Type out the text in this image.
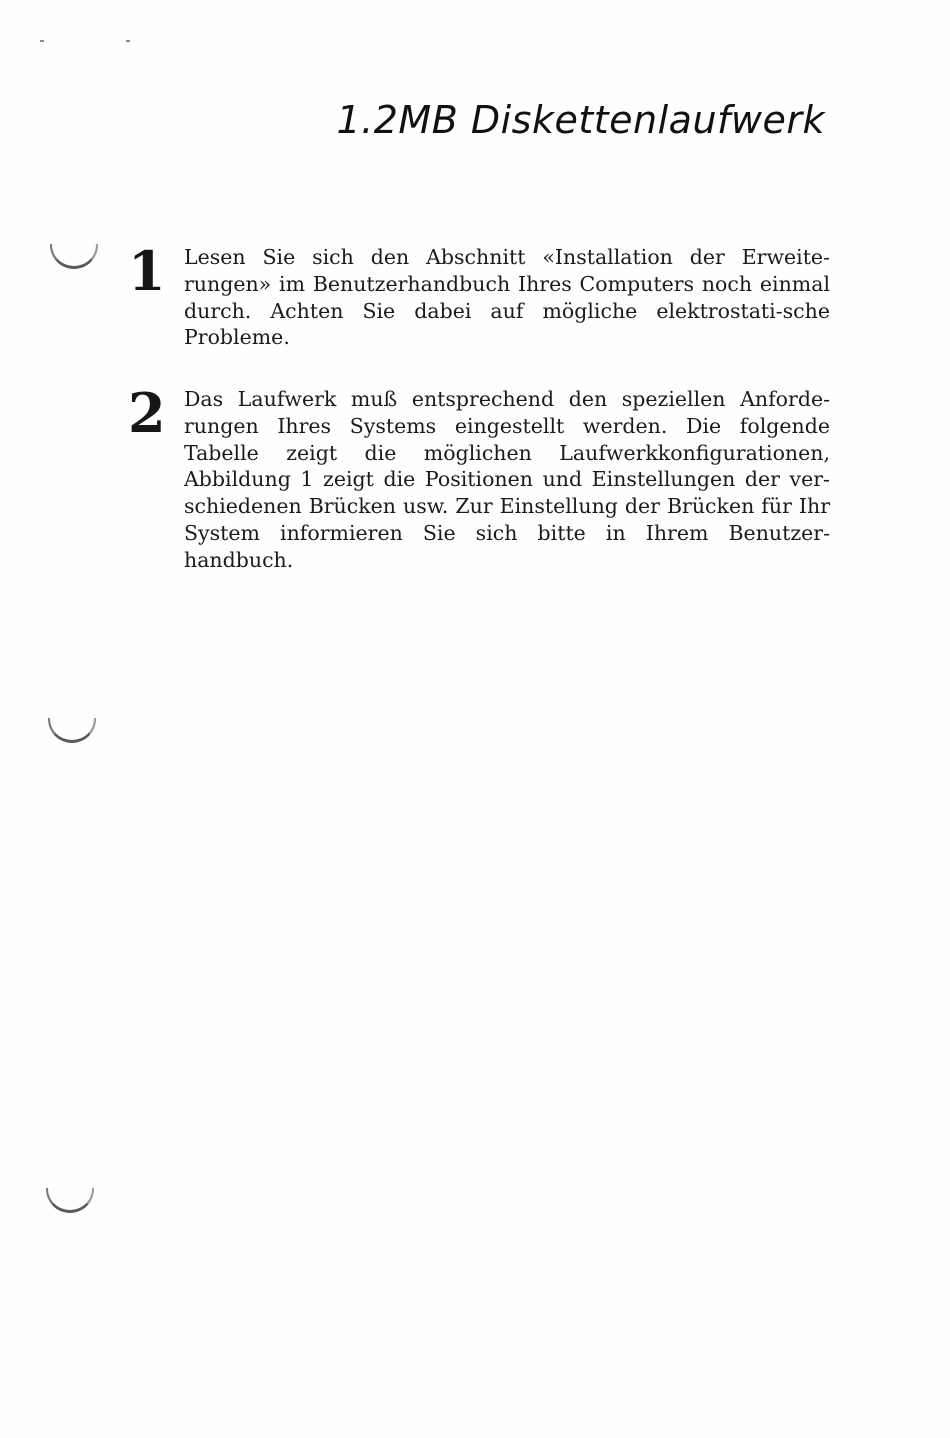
1.2MB Diskettenlaufwerk
1 Lesen Sie sich den Abschnitt «Installation der Erweite-rungen» im Benutzerhandbuch Ihres Computers noch einmal durch. Achten Sie dabei auf mögliche elektrostati-sche Probleme.
2 Das Laufwerk muß entsprechend den speziellen Anforde-rungen Ihres Systems eingestellt werden. Die folgende Tabelle zeigt die möglichen Laufwerkkonfigurationen, Abbildung 1 zeigt die Positionen und Einstellungen der ver-schiedenen Brücken usw. Zur Einstellung der Brücken für Ihr System informieren Sie sich bitte in Ihrem Benutzer-handbuch.
